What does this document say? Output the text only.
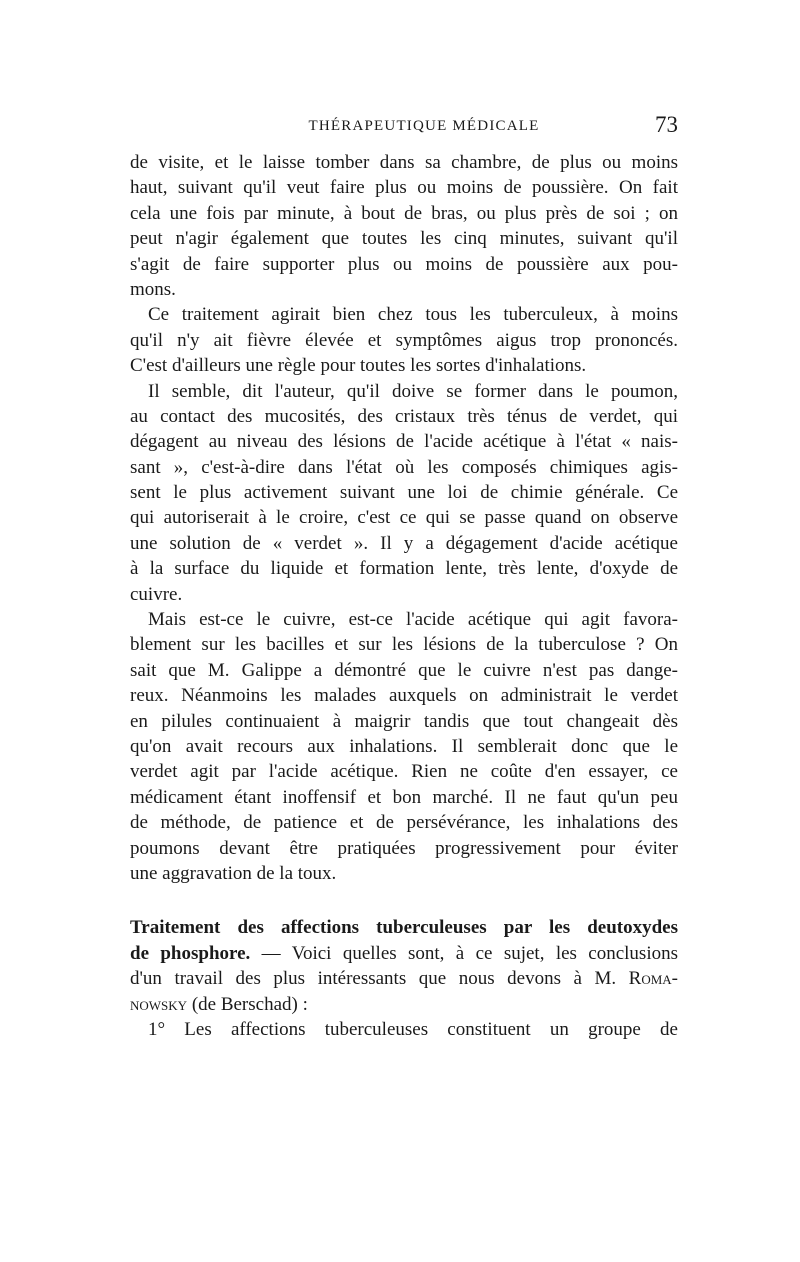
THÉRAPEUTIQUE MÉDICALE	73
de visite, et le laisse tomber dans sa chambre, de plus ou moins
haut, suivant qu'il veut faire plus ou moins de poussière. On fait
cela une fois par minute, à bout de bras, ou plus près de soi ; on
peut n'agir également que toutes les cinq minutes, suivant qu'il
s'agit de faire supporter plus ou moins de poussière aux pou-
mons.
Ce traitement agirait bien chez tous les tuberculeux, à moins
qu'il n'y ait fièvre élevée et symptômes aigus trop prononcés.
C'est d'ailleurs une règle pour toutes les sortes d'inhalations.
Il semble, dit l'auteur, qu'il doive se former dans le poumon,
au contact des mucosités, des cristaux très ténus de verdet, qui
dégagent au niveau des lésions de l'acide acétique à l'état « nais-
sant », c'est-à-dire dans l'état où les composés chimiques agis-
sent le plus activement suivant une loi de chimie générale. Ce
qui autoriserait à le croire, c'est ce qui se passe quand on observe
une solution de « verdet ». Il y a dégagement d'acide acétique
à la surface du liquide et formation lente, très lente, d'oxyde de
cuivre.
Mais est-ce le cuivre, est-ce l'acide acétique qui agit favora-
blement sur les bacilles et sur les lésions de la tuberculose ? On
sait que M. Galippe a démontré que le cuivre n'est pas dange-
reux. Néanmoins les malades auxquels on administrait le verdet
en pilules continuaient à maigrir tandis que tout changeait dès
qu'on avait recours aux inhalations. Il semblerait donc que le
verdet agit par l'acide acétique. Rien ne coûte d'en essayer, ce
médicament étant inoffensif et bon marché. Il ne faut qu'un peu
de méthode, de patience et de persévérance, les inhalations des
poumons devant être pratiquées progressivement pour éviter
une aggravation de la toux.
Traitement des affections tuberculeuses par les deutoxydes
de phosphore. — Voici quelles sont, à ce sujet, les conclusions
d'un travail des plus intéressants que nous devons à M. Roma-
nowsky (de Berschad) :
1° Les affections tuberculeuses constituent un groupe de
